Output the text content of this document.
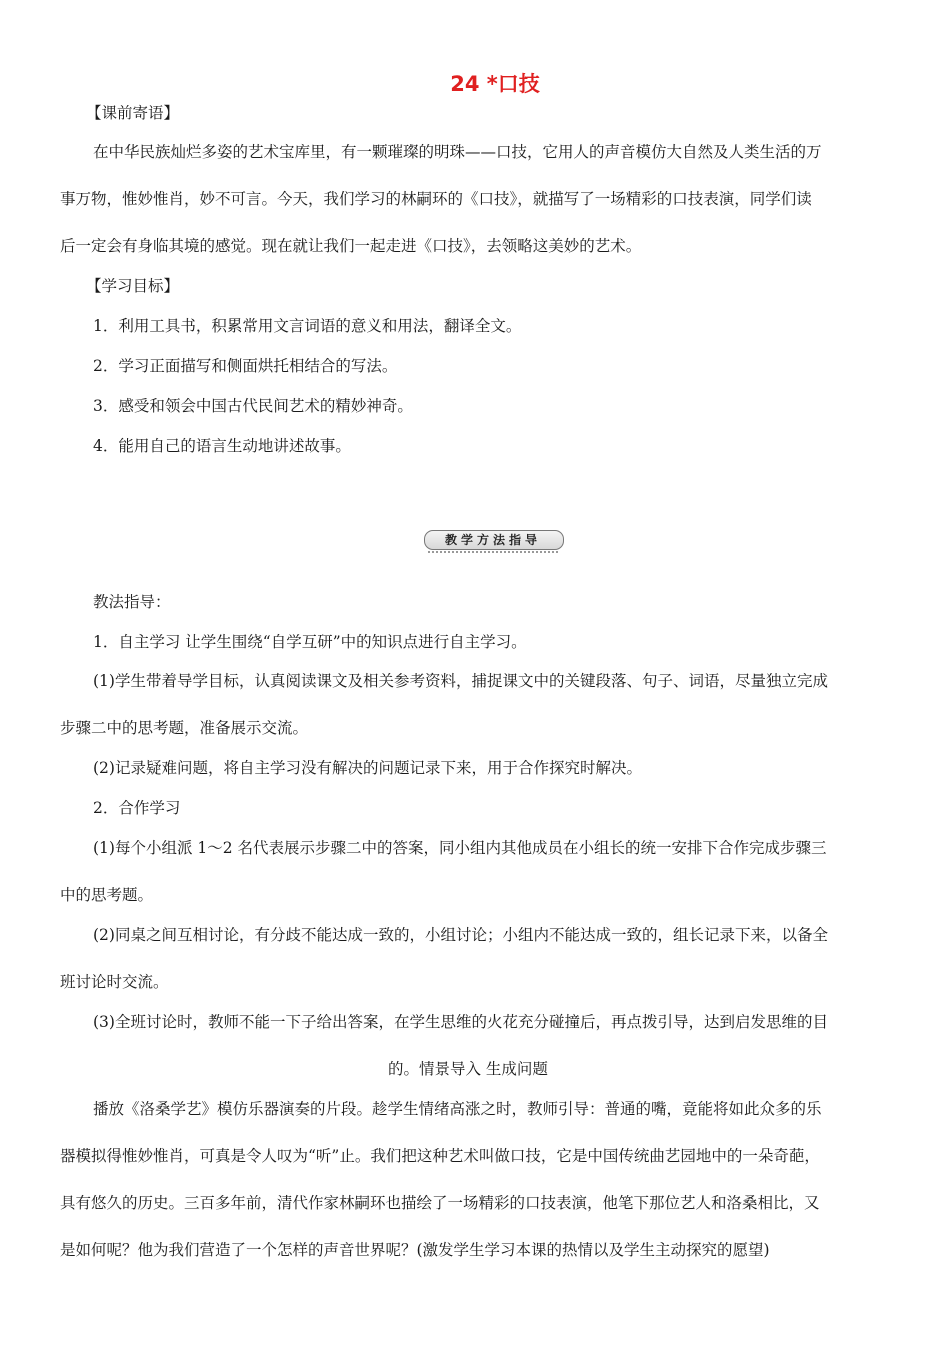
24 *口技
【课前寄语】
在中华民族灿烂多姿的艺术宝库里，有一颗璀璨的明珠——口技，它用人的声音模仿大自然及人类生活的万
事万物，惟妙惟肖，妙不可言。今天，我们学习的林嗣环的《口技》，就描写了一场精彩的口技表演，同学们读
后一定会有身临其境的感觉。现在就让我们一起走进《口技》，去领略这美妙的艺术。
【学习目标】
1．利用工具书，积累常用文言词语的意义和用法，翻译全文。
2．学习正面描写和侧面烘托相结合的写法。
3．感受和领会中国古代民间艺术的精妙神奇。
4．能用自己的语言生动地讲述故事。
教学方法指导
教法指导：
1．自主学习 让学生围绕“自学互研”中的知识点进行自主学习。
(1)学生带着导学目标，认真阅读课文及相关参考资料，捕捉课文中的关键段落、句子、词语，尽量独立完成
步骤二中的思考题，准备展示交流。
(2)记录疑难问题，将自主学习没有解决的问题记录下来，用于合作探究时解决。
2．合作学习
(1)每个小组派 1～2 名代表展示步骤二中的答案，同小组内其他成员在小组长的统一安排下合作完成步骤三
中的思考题。
(2)同桌之间互相讨论，有分歧不能达成一致的，小组讨论；小组内不能达成一致的，组长记录下来，以备全
班讨论时交流。
(3)全班讨论时，教师不能一下子给出答案，在学生思维的火花充分碰撞后，再点拨引导，达到启发思维的目
的。情景导入 生成问题
播放《洛桑学艺》模仿乐器演奏的片段。趁学生情绪高涨之时，教师引导：普通的嘴，竟能将如此众多的乐
器模拟得惟妙惟肖，可真是令人叹为“听”止。我们把这种艺术叫做口技，它是中国传统曲艺园地中的一朵奇葩，
具有悠久的历史。三百多年前，清代作家林嗣环也描绘了一场精彩的口技表演，他笔下那位艺人和洛桑相比，又
是如何呢？他为我们营造了一个怎样的声音世界呢？(激发学生学习本课的热情以及学生主动探究的愿望)
